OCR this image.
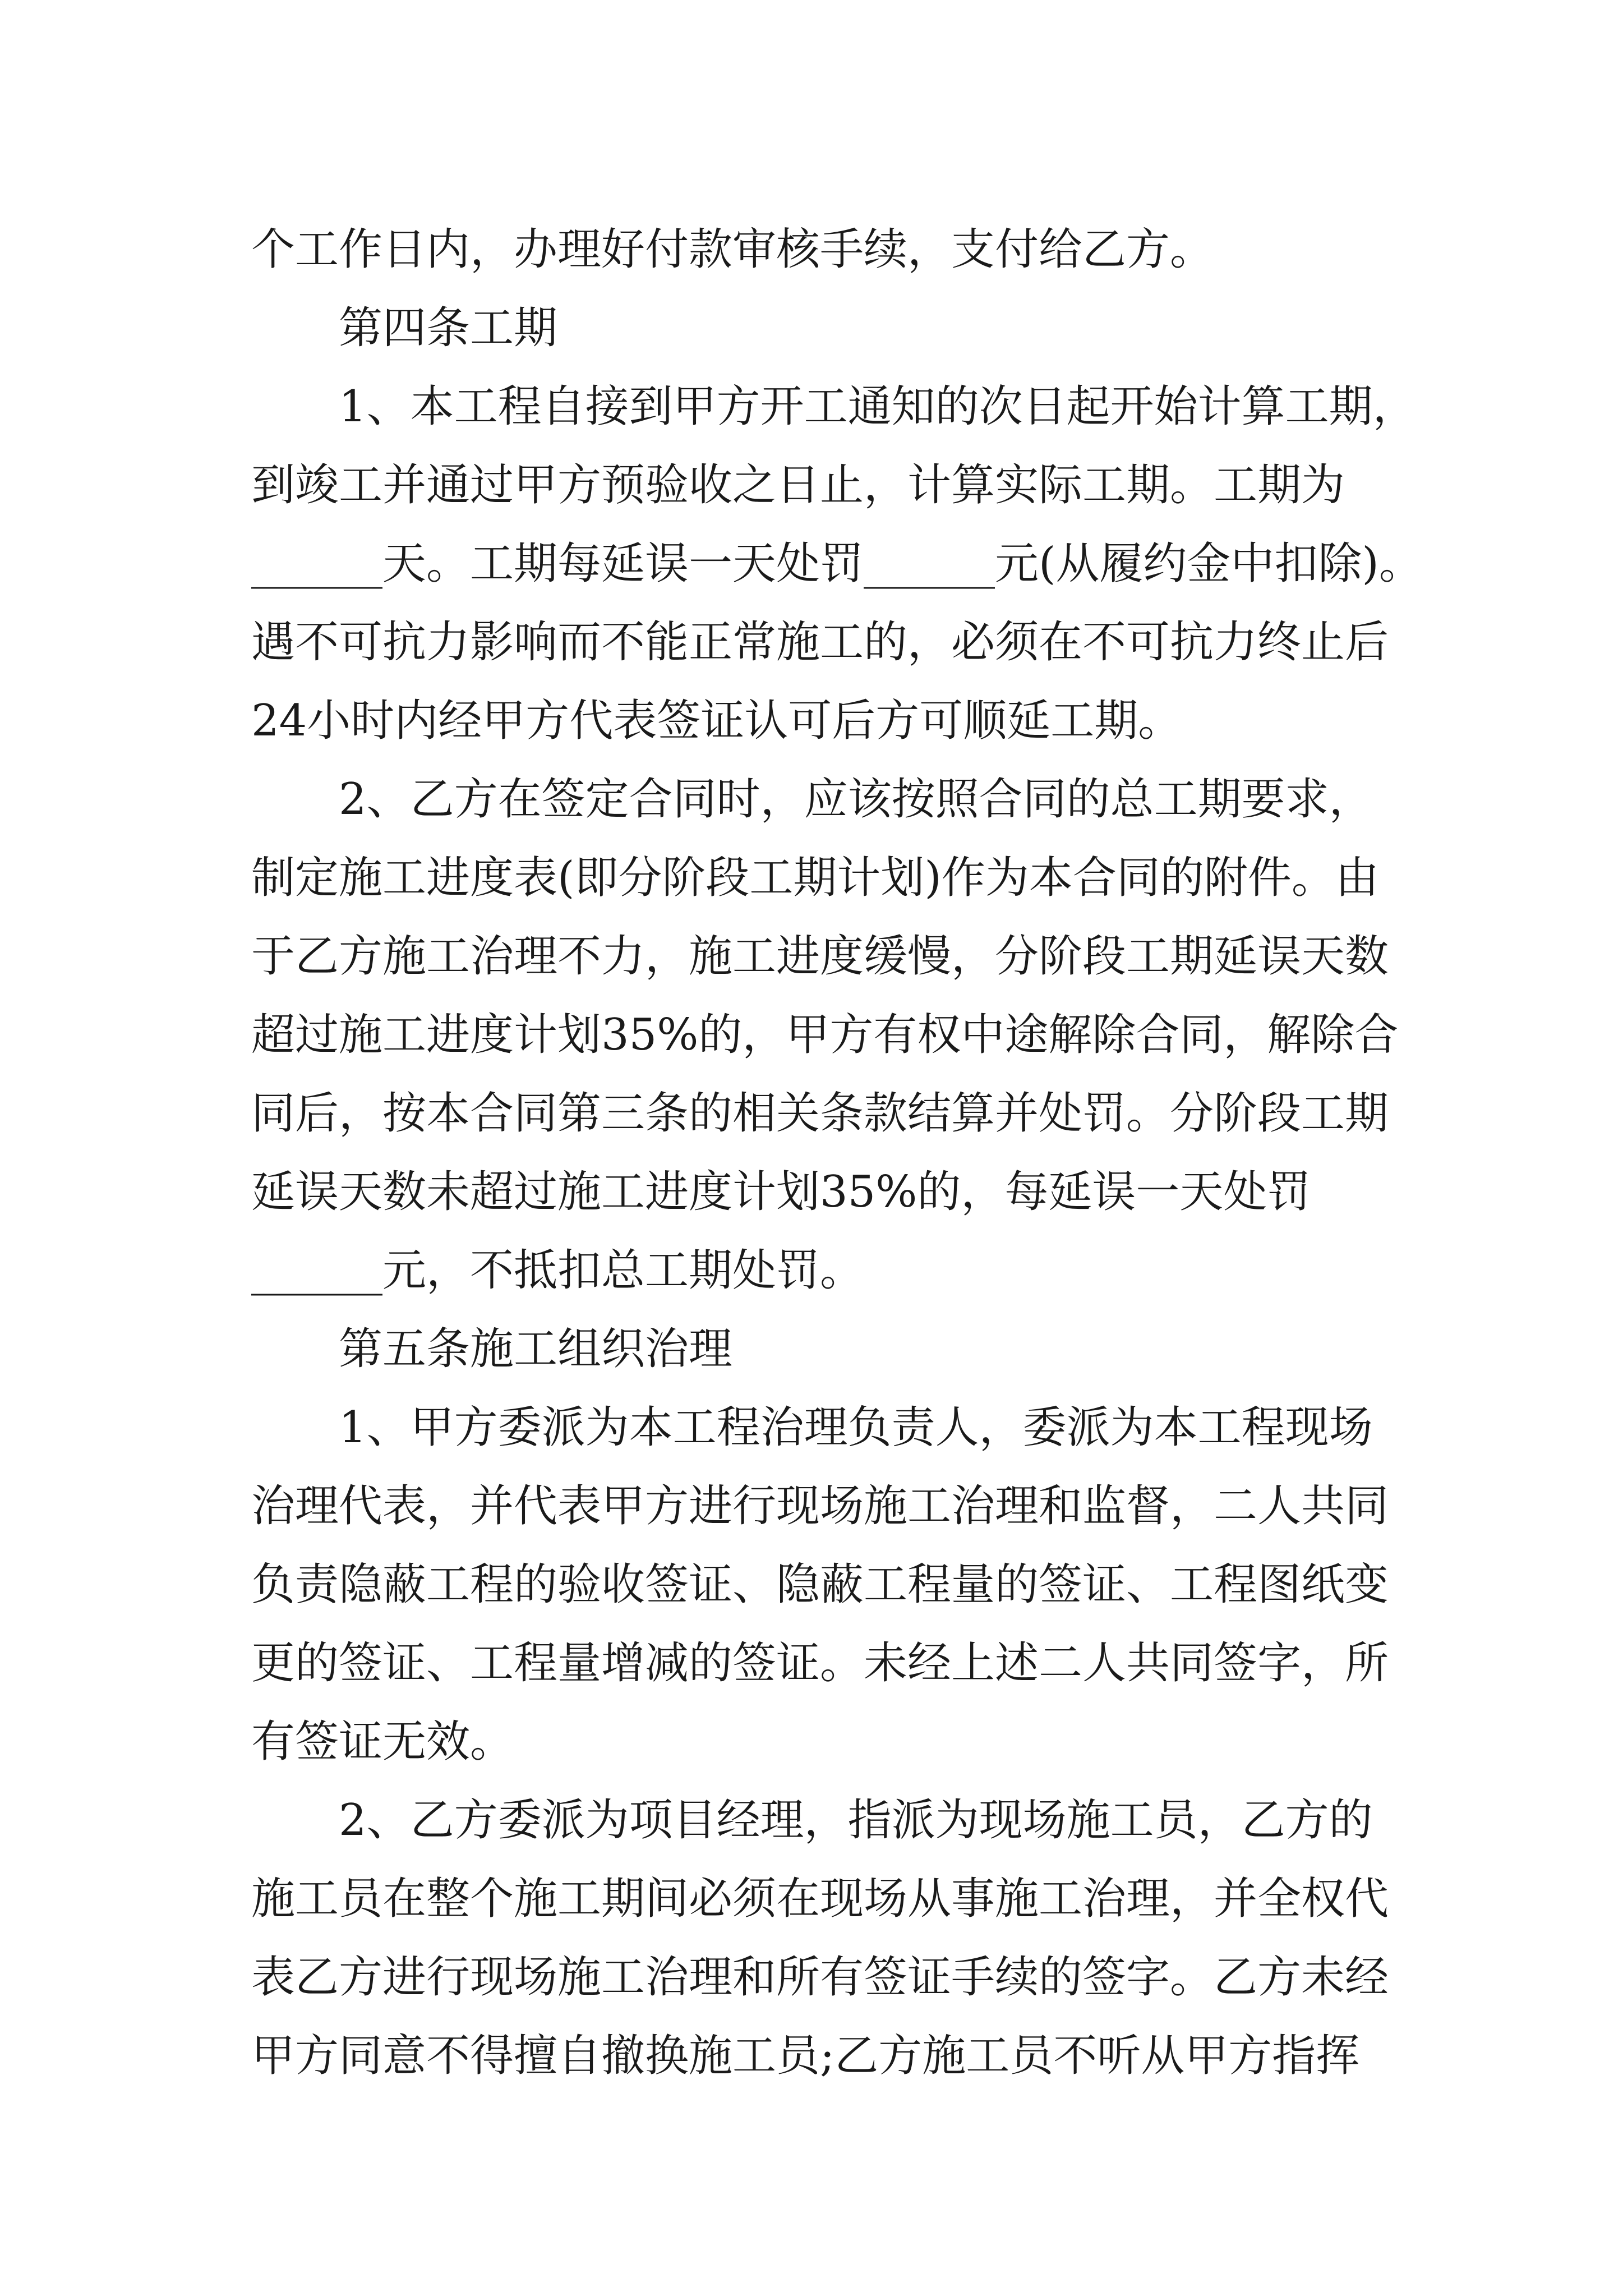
个工作日内，办理好付款审核手续，支付给乙方。

第四条工期

1、本工程自接到甲方开工通知的次日起开始计算工期，

到竣工并通过甲方预验收之日止，计算实际工期。工期为

______天。工期每延误一天处罚______元(从履约金中扣除)。

遇不可抗力影响而不能正常施工的，必须在不可抗力终止后

24小时内经甲方代表签证认可后方可顺延工期。

2、乙方在签定合同时，应该按照合同的总工期要求，

制定施工进度表(即分阶段工期计划)作为本合同的附件。由

于乙方施工治理不力，施工进度缓慢，分阶段工期延误天数

超过施工进度计划35%的，甲方有权中途解除合同，解除合

同后，按本合同第三条的相关条款结算并处罚。分阶段工期

延误天数未超过施工进度计划35%的，每延误一天处罚

______元，不抵扣总工期处罚。

第五条施工组织治理

1、甲方委派为本工程治理负责人，委派为本工程现场

治理代表，并代表甲方进行现场施工治理和监督，二人共同

负责隐蔽工程的验收签证、隐蔽工程量的签证、工程图纸变

更的签证、工程量增减的签证。未经上述二人共同签字，所

有签证无效。

2、乙方委派为项目经理，指派为现场施工员，乙方的

施工员在整个施工期间必须在现场从事施工治理，并全权代

表乙方进行现场施工治理和所有签证手续的签字。乙方未经

甲方同意不得擅自撤换施工员;乙方施工员不听从甲方指挥
